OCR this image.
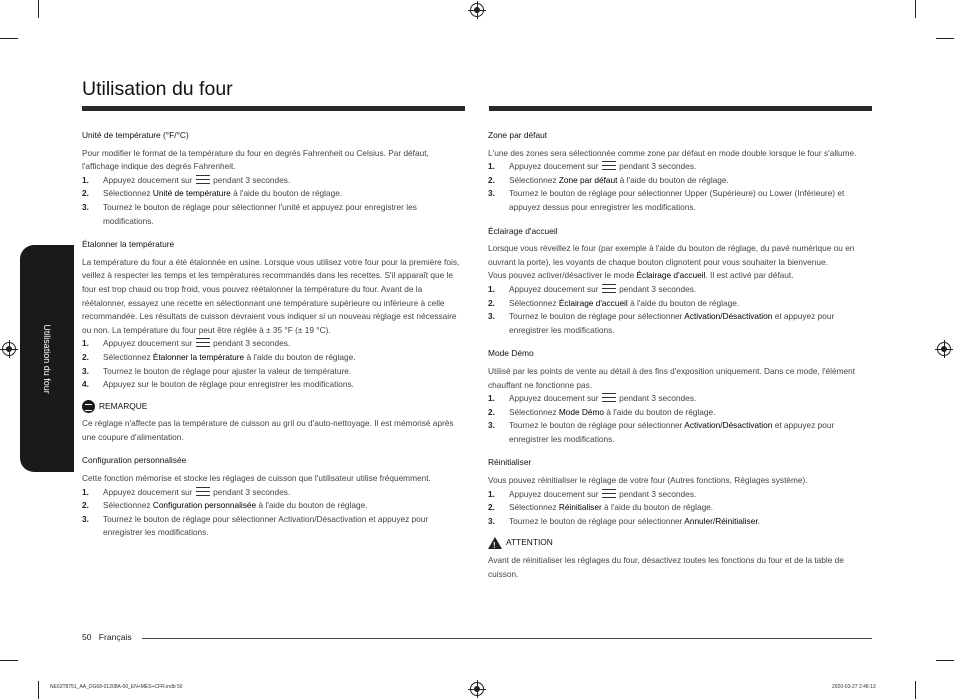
Utilisation du four
Utilisation du four
Unité de température (°F/°C)

Pour modifier le format de la température du four en degrés Fahrenheit ou Celsius. Par défaut, l'affichage indique des degrés Fahrenheit.

1. Appuyez doucement sur pendant 3 secondes.
2. Sélectionnez Unité de température à l'aide du bouton de réglage.
3. Tournez le bouton de réglage pour sélectionner l'unité et appuyez pour enregistrer les modifications.
Étalonner la température

La température du four a été étalonnée en usine. Lorsque vous utilisez votre four pour la première fois, veillez à respecter les temps et les températures recommandés dans les recettes. S'il apparaît que le four est trop chaud ou trop froid, vous pouvez réétalonner la température du four. Avant de la réétalonner, essayez une recette en sélectionnant une température supérieure ou inférieure à celle recommandée. Les résultats de cuisson devraient vous indiquer si un nouveau réglage est nécessaire ou non. La température du four peut être réglée à ± 35 °F (± 19 °C).

1. Appuyez doucement sur pendant 3 secondes.
2. Sélectionnez Étalonner la température à l'aide du bouton de réglage.
3. Tournez le bouton de réglage pour ajuster la valeur de température.
4. Appuyez sur le bouton de réglage pour enregistrer les modifications.
REMARQUE

Ce réglage n'affecte pas la température de cuisson au gril ou d'auto-nettoyage. Il est mémorisé après une coupure d'alimentation.

Configuration personnalisée

Cette fonction mémorise et stocke les réglages de cuisson que l'utilisateur utilise fréquemment.

1. Appuyez doucement sur pendant 3 secondes.
2. Sélectionnez Configuration personnalisée à l'aide du bouton de réglage.
3. Tournez le bouton de réglage pour sélectionner Activation/Désactivation et appuyez pour enregistrer les modifications.
Zone par défaut

L'une des zones sera sélectionnée comme zone par défaut en mode double lorsque le four s'allume.

1. Appuyez doucement sur pendant 3 secondes.
2. Sélectionnez Zone par défaut à l'aide du bouton de réglage.
3. Tournez le bouton de réglage pour sélectionner Upper (Supérieure) ou Lower (Inférieure) et appuyez dessus pour enregistrer les modifications.
Éclairage d'accueil

Lorsque vous réveillez le four (par exemple à l'aide du bouton de réglage, du pavé numérique ou en ouvrant la porte), les voyants de chaque bouton clignotent pour vous souhaiter la bienvenue.

Vous pouvez activer/désactiver le mode Éclairage d'accueil. Il est activé par défaut.

1. Appuyez doucement sur pendant 3 secondes.
2. Sélectionnez Éclairage d'accueil à l'aide du bouton de réglage.
3. Tournez le bouton de réglage pour sélectionner Activation/Désactivation et appuyez pour enregistrer les modifications.
Mode Démo

Utilisé par les points de vente au détail à des fins d'exposition uniquement. Dans ce mode, l'élément chauffant ne fonctionne pas.

1. Appuyez doucement sur pendant 3 secondes.
2. Sélectionnez Mode Démo à l'aide du bouton de réglage.
3. Tournez le bouton de réglage pour sélectionner Activation/Désactivation et appuyez pour enregistrer les modifications.
Réinitialiser

Vous pouvez réinitialiser le réglage de votre four (Autres fonctions, Réglages système).

1. Appuyez doucement sur pendant 3 secondes.
2. Sélectionnez Réinitialiser à l'aide du bouton de réglage.
3. Tournez le bouton de réglage pour sélectionner Annuler/Réinitialiser.
!
ATTENTION

Avant de réinitialiser les réglages du four, désactivez toutes les fonctions du four et de la table de cuisson.

50 Français
NE63T8751_AA_DG68-01208A-00_EN+MES+CFR.indb 50	2020-03-27 2:48:13
